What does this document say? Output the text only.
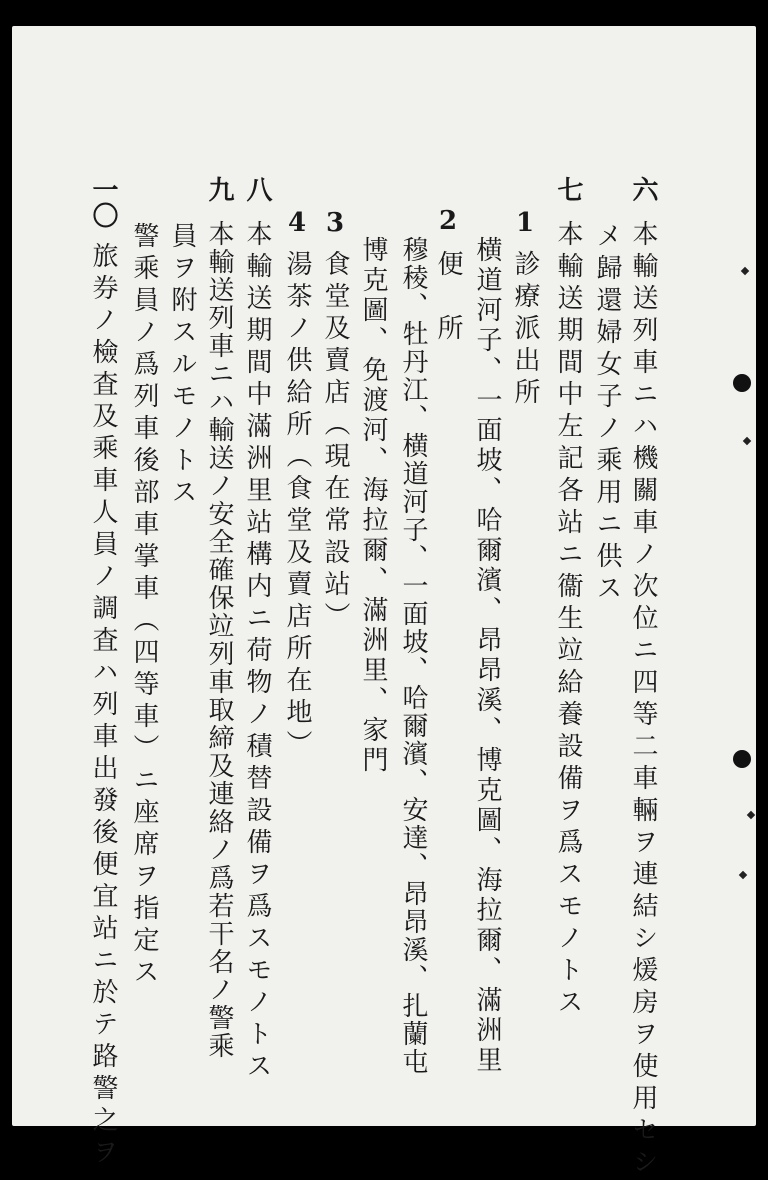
六本輸送列車ニハ機關車ノ次位ニ四等二車輛ヲ連結シ煖房ヲ使用セシ
メ歸還婦女子ノ乘用ニ供ス
七本輸送期間中左記各站ニ衞生竝給養設備ヲ爲スモノトス
1診療派出所
横道河子、一面坡、哈爾濱、昂昂溪、博克圖、海拉爾、滿洲里
2便　所
穆稜、牡丹江、横道河子、一面坡、哈爾濱、安達、昂昂溪、扎蘭屯
博克圖、免渡河、海拉爾、滿洲里、家門
3食堂及賣店（現在常設站）
4湯茶ノ供給所（食堂及賣店所在地）
八本輸送期間中滿洲里站構内ニ荷物ノ積替設備ヲ爲スモノトス
九本輸送列車ニハ輸送ノ安全確保竝列車取締及連絡ノ爲若干名ノ警乘
員ヲ附スルモノトス
警乘員ノ爲列車後部車掌車（四等車）ニ座席ヲ指定ス
一〇旅券ノ檢査及乘車人員ノ調査ハ列車出發後便宜站ニ於テ路警之ヲ
